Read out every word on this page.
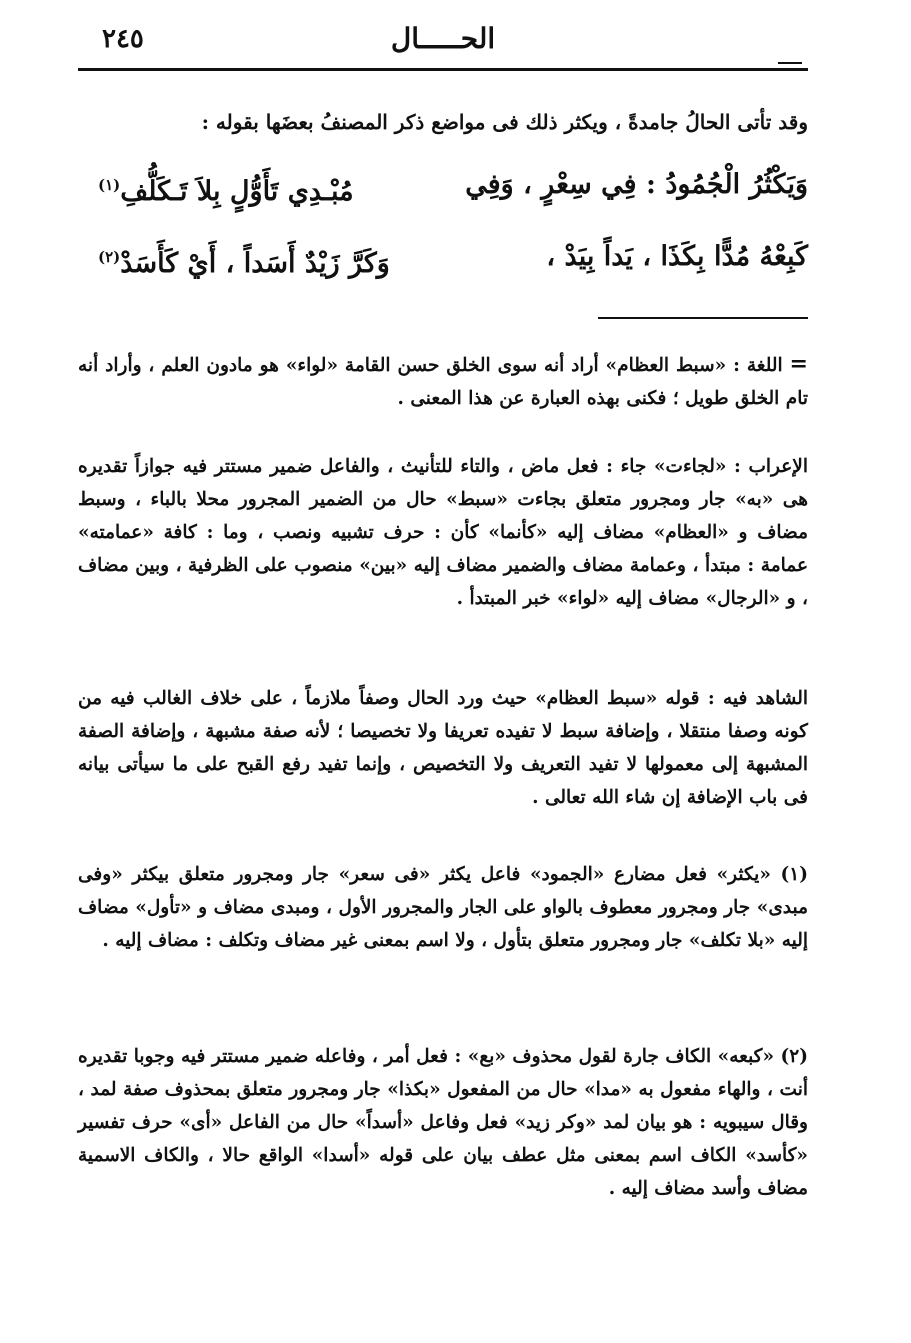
الحـــــال
٢٤٥
وقد تأتى الحالُ جامدةً ، ويكثر ذلك فى مواضع ذكر المصنفُ بعضَها بقوله :
وَيَكْثُرُ الْجُمُودُ : فِي سِعْرٍ ، وَفِي
مُبْـدِي تَأَوُّلٍ بِلاَ تَـكَلُّفِ$^{(١)}$
كَبِعْهُ مُدًّا بِكَذَا ، يَداً بِيَدْ ،
وَكَرَّ زَيْدٌ أَسَداً ، أَيْ كَأَسَدْ$^{(٢)}$
= اللغة : «سبط العظام» أراد أنه سوى الخلق حسن القامة «لواء» هو مادون العلم ، وأراد أنه تام الخلق طويل ؛ فكنى بهذه العبارة عن هذا المعنى .
الإعراب : «لجاءت» جاء : فعل ماض ، والتاء للتأنيث ، والفاعل ضمير مستتر فيه جوازاً تقديره هى «به» جار ومجرور متعلق بجاءت «سبط» حال من الضمير المجرور محلا بالباء ، وسبط مضاف و «العظام» مضاف إليه «كأنما» كأن : حرف تشبيه ونصب ، وما : كافة «عمامته» عمامة : مبتدأ ، وعمامة مضاف والضمير مضاف إليه «بين» منصوب على الظرفية ، وبين مضاف ، و «الرجال» مضاف إليه «لواء» خبر المبتدأ .
الشاهد فيه : قوله «سبط العظام» حيث ورد الحال وصفاً ملازماً ، على خلاف الغالب فيه من كونه وصفا منتقلا ، وإضافة سبط لا تفيده تعريفا ولا تخصيصا ؛ لأنه صفة مشبهة ، وإضافة الصفة المشبهة إلى معمولها لا تفيد التعريف ولا التخصيص ، وإنما تفيد رفع القبح على ما سيأتى بيانه فى باب الإضافة إن شاء الله تعالى .
(١) «يكثر» فعل مضارع «الجمود» فاعل يكثر «فى سعر» جار ومجرور متعلق بيكثر «وفى مبدى» جار ومجرور معطوف بالواو على الجار والمجرور الأول ، ومبدى مضاف و «تأول» مضاف إليه «بلا تكلف» جار ومجرور متعلق بتأول ، ولا اسم بمعنى غير مضاف وتكلف : مضاف إليه .
(٢) «كبعه» الكاف جارة لقول محذوف «بع» : فعل أمر ، وفاعله ضمير مستتر فيه وجوبا تقديره أنت ، والهاء مفعول به «مدا» حال من المفعول «بكذا» جار ومجرور متعلق بمحذوف صفة لمد ، وقال سيبويه : هو بيان لمد «وكر زيد» فعل وفاعل «أسداً» حال من الفاعل «أى» حرف تفسير «كأسد» الكاف اسم بمعنى مثل عطف بيان على قوله «أسدا» الواقع حالا ، والكاف الاسمية مضاف وأسد مضاف إليه .
